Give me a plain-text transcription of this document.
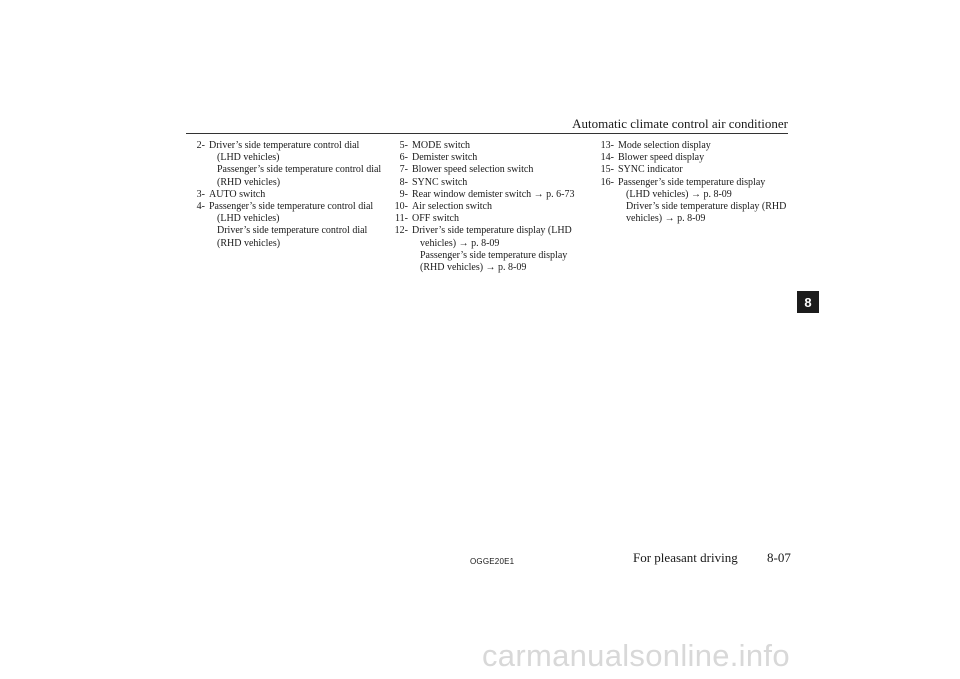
Automatic climate control air conditioner
2- Driver’s side temperature control dial
(LHD vehicles)
Passenger’s side temperature control dial
(RHD vehicles)
3- AUTO switch
4- Passenger’s side temperature control dial
(LHD vehicles)
Driver’s side temperature control dial
(RHD vehicles)
5- MODE switch
6- Demister switch
7- Blower speed selection switch
8- SYNC switch
9- Rear window demister switch → p. 6-73
10- Air selection switch
11- OFF switch
12- Driver’s side temperature display (LHD
vehicles) → p. 8-09
Passenger’s side temperature display
(RHD vehicles) → p. 8-09
13- Mode selection display
14- Blower speed display
15- SYNC indicator
16- Passenger’s side temperature display
(LHD vehicles) → p. 8-09
Driver’s side temperature display (RHD
vehicles) → p. 8-09
8
OGGE20E1	For pleasant driving 8-07
carmanualsonline.info
